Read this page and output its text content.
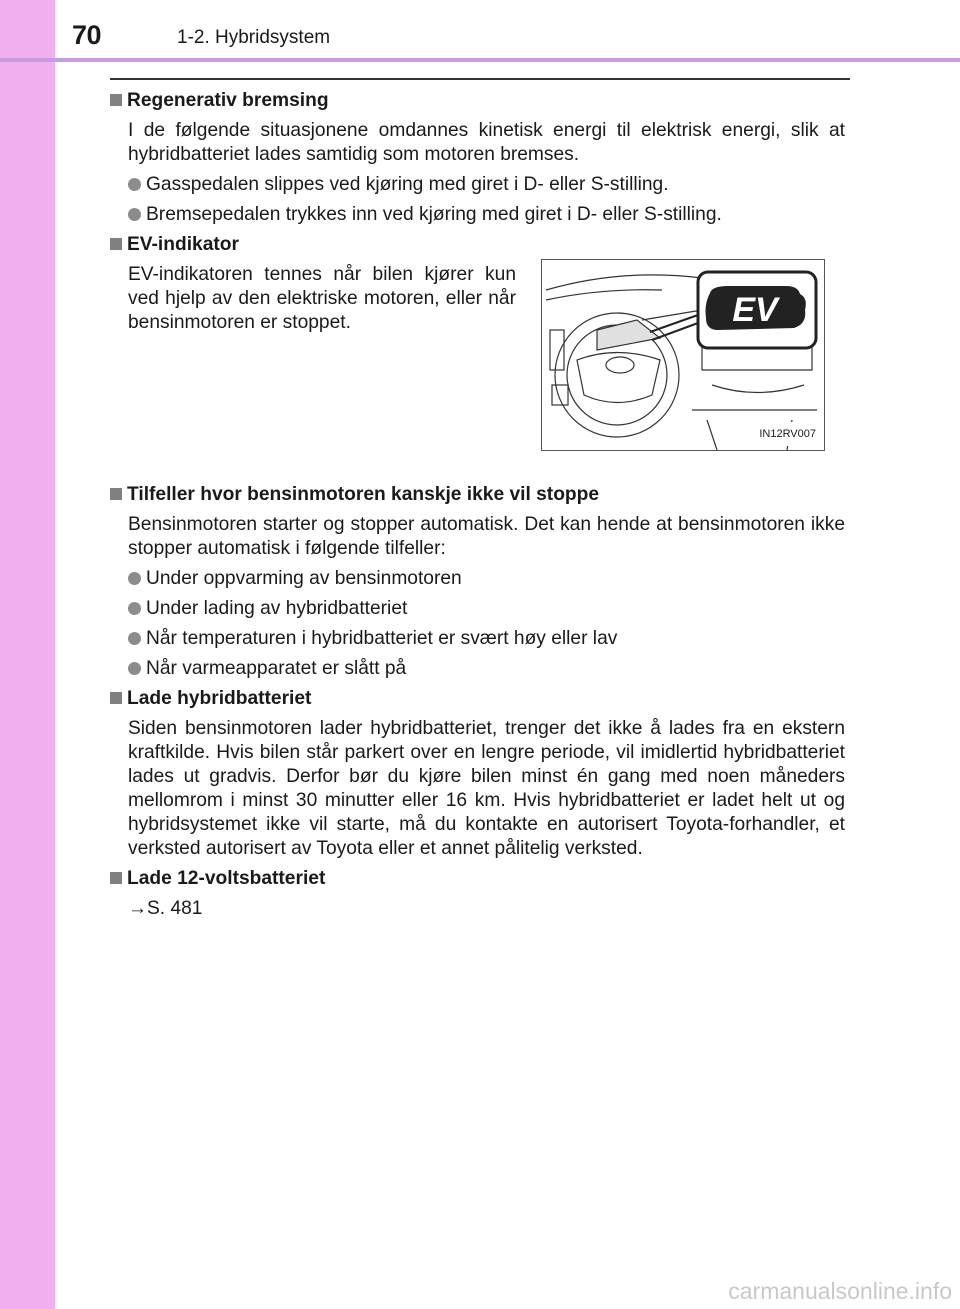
70	1-2. Hybridsystem
Regenerativ bremsing
I de følgende situasjonene omdannes kinetisk energi til elektrisk energi, slik at hybridbatteriet lades samtidig som motoren bremses.
Gasspedalen slippes ved kjøring med giret i D- eller S-stilling.
Bremsepedalen trykkes inn ved kjøring med giret i D- eller S-stilling.
EV-indikator
EV-indikatoren tennes når bilen kjører kun ved hjelp av den elektriske motoren, eller når bensinmotoren er stoppet.	EV
IN12RV007
Tilfeller hvor bensinmotoren kanskje ikke vil stoppe
Bensinmotoren starter og stopper automatisk. Det kan hende at bensinmotoren ikke stopper automatisk i følgende tilfeller:
Under oppvarming av bensinmotoren
Under lading av hybridbatteriet
Når temperaturen i hybridbatteriet er svært høy eller lav
Når varmeapparatet er slått på
Lade hybridbatteriet
Siden bensinmotoren lader hybridbatteriet, trenger det ikke å lades fra en ekstern kraftkilde. Hvis bilen står parkert over en lengre periode, vil imidlertid hybridbatteriet lades ut gradvis. Derfor bør du kjøre bilen minst én gang med noen måneders mellomrom i minst 30 minutter eller 16 km. Hvis hybridbatteriet er ladet helt ut og hybridsystemet ikke vil starte, må du kontakte en autorisert Toyota-forhandler, et verksted autorisert av Toyota eller et annet pålitelig verksted.
Lade 12-voltsbatteriet
→S. 481
carmanualsonline.info
